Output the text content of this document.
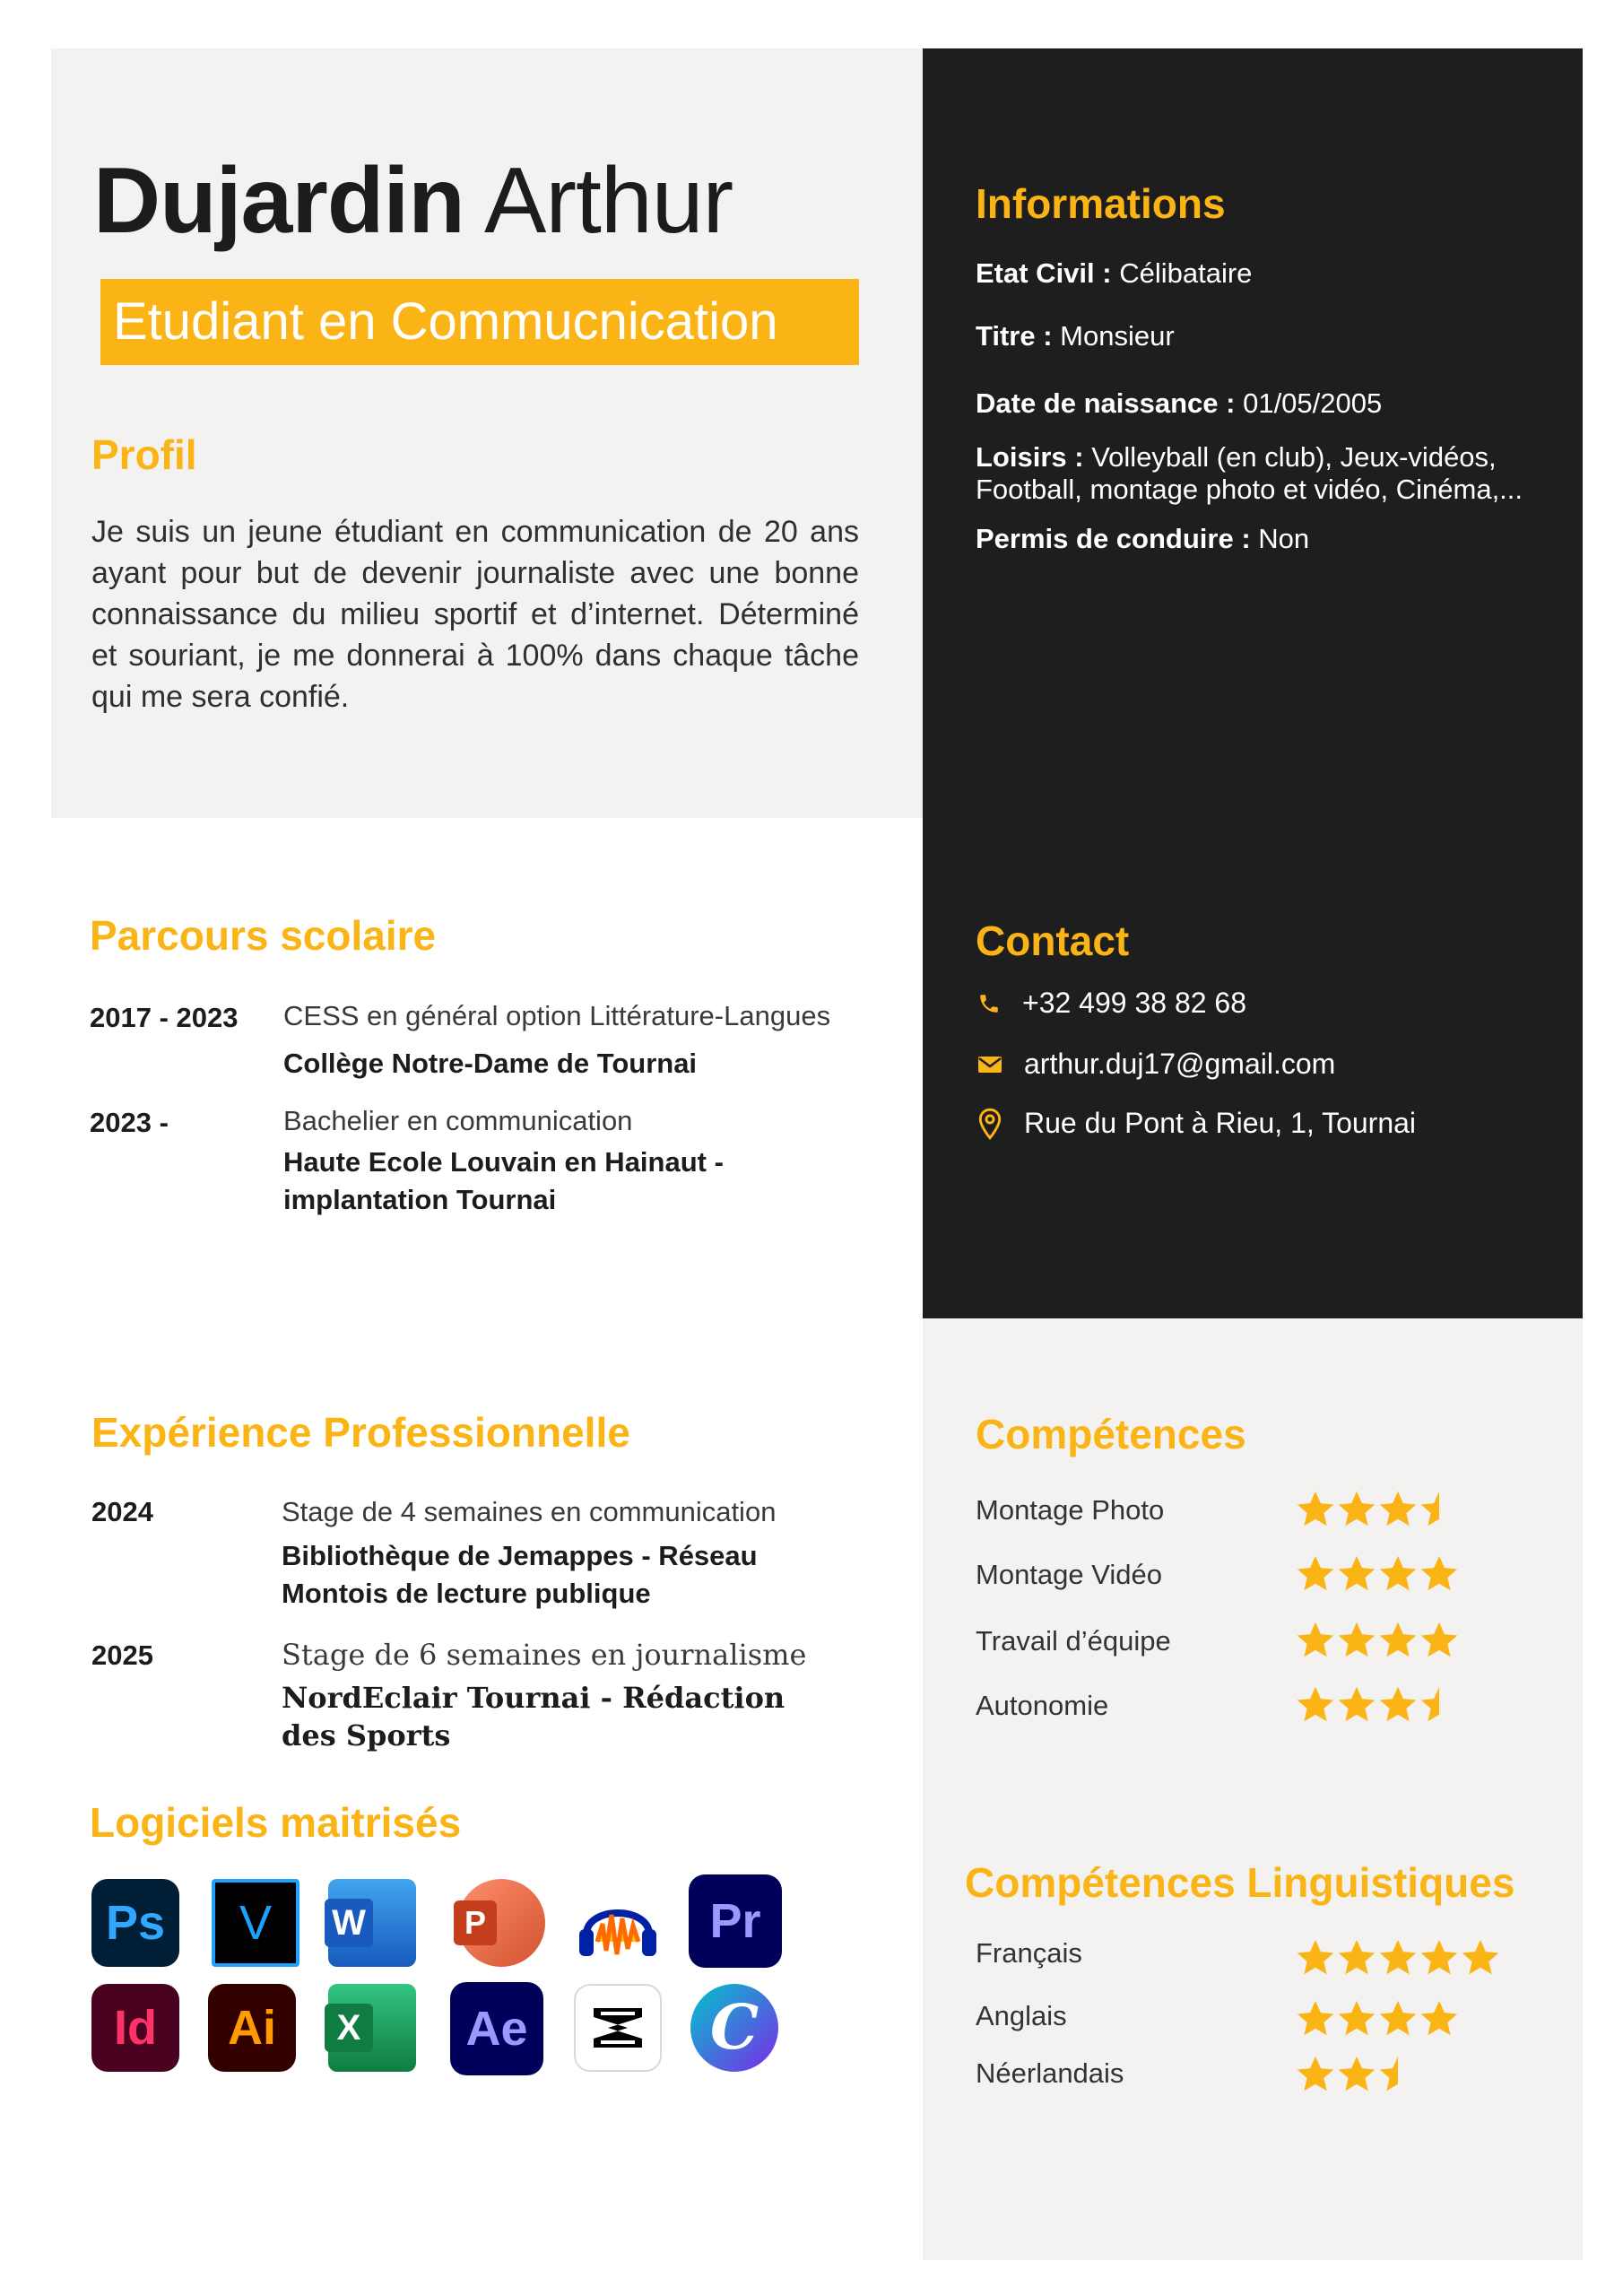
Dujardin Arthur
Etudiant en Commucnication
Profil
Je suis un jeune étudiant en communication de 20 ans ayant pour but de devenir journaliste avec une bonne connaissance du milieu sportif et d’internet. Déterminé et souriant, je me donnerai à 100% dans chaque tâche qui me sera confié.
Informations
Etat Civil : Célibataire
Titre : Monsieur
Date de naissance : 01/05/2005
Loisirs : Volleyball (en club), Jeux-vidéos,
Football, montage photo et vidéo, Cinéma,...
Permis de conduire : Non
Contact
+32 499 38 82 68
arthur.duj17@gmail.com
Rue du Pont à Rieu, 1, Tournai
Parcours scolaire
2017 - 2023 CESS en général option Littérature-Langues
Collège Notre-Dame de Tournai
2023 -	Bachelier en communication
Haute Ecole Louvain en Hainaut -
implantation Tournai
Expérience Professionnelle
2024	Stage de 4 semaines en communication
Bibliothèque de Jemappes - Réseau
Montois de lecture publique
2025	Stage de 6 semaines en journalisme
NordEclair Tournai - Rédaction
des Sports
Logiciels maitrisés
Ps	V	W	P	Pr
Id	Ai	X	Ae	C
Compétences
Montage Photo
Montage Vidéo
Travail d’équipe
Autonomie
Compétences Linguistiques
Français
Anglais
Néerlandais
